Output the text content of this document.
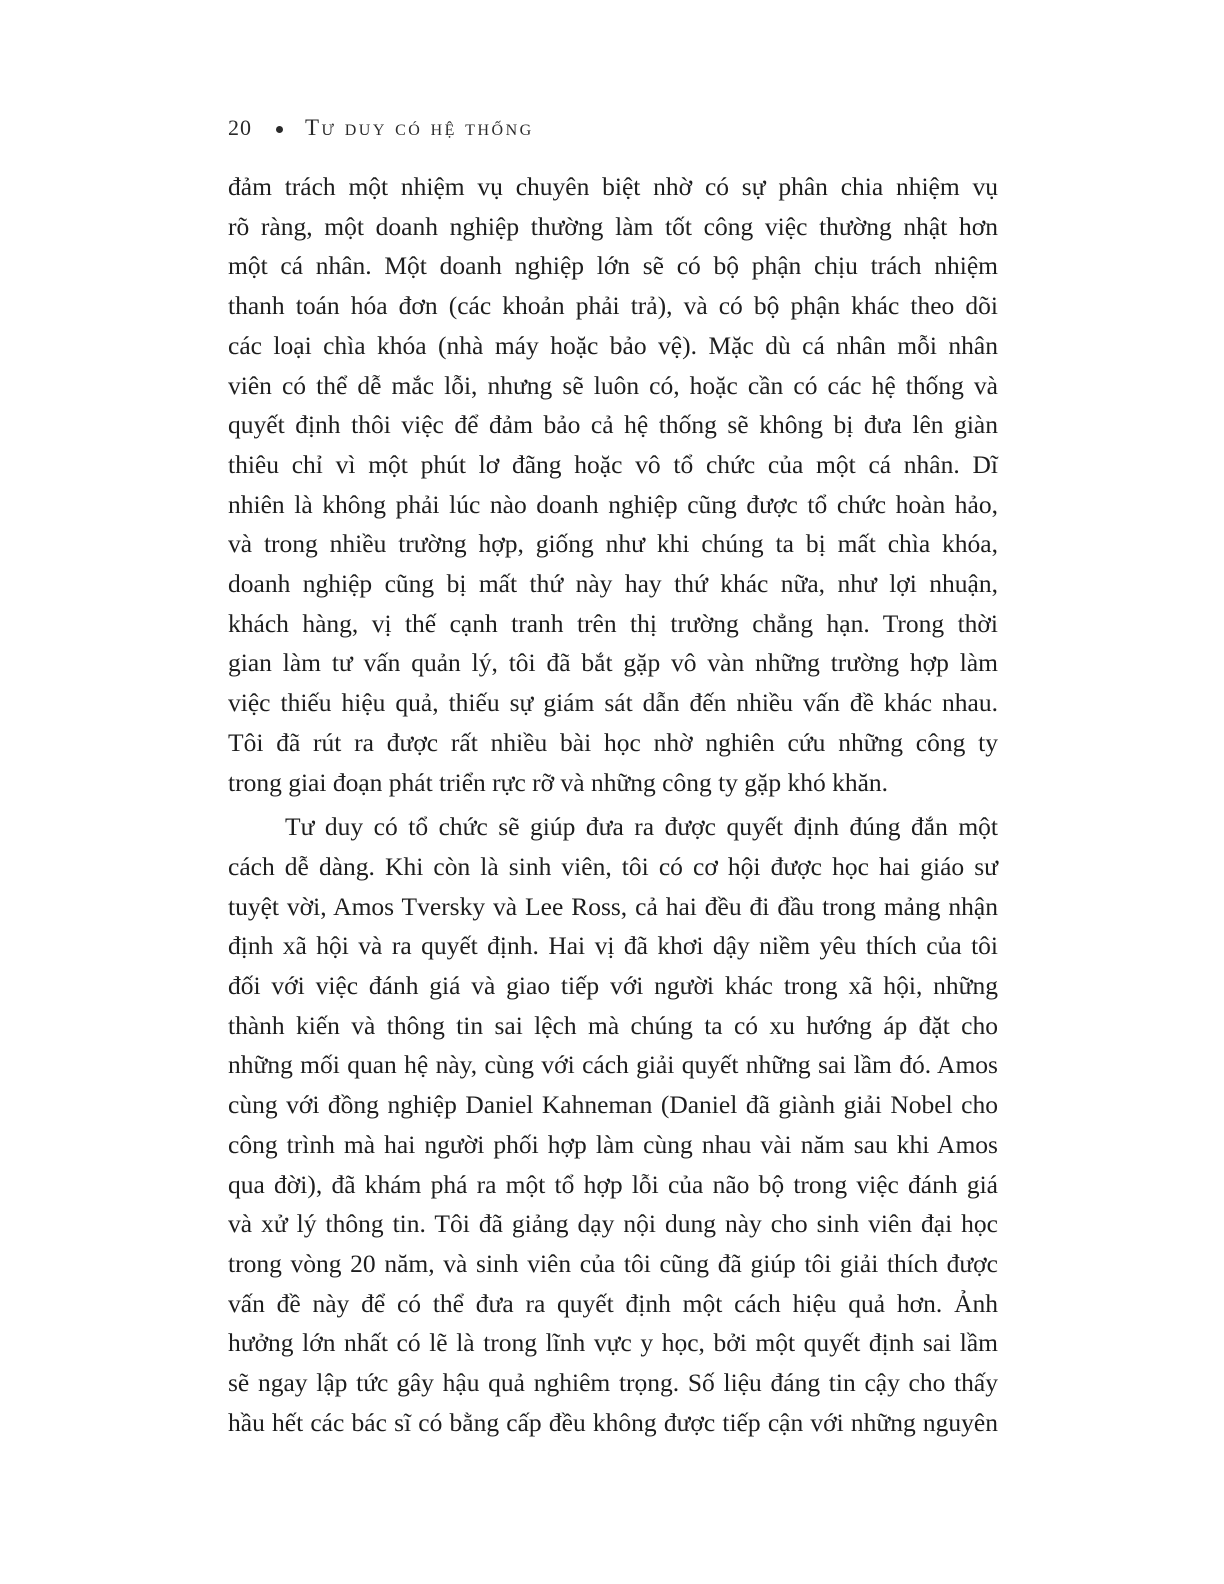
20 Tư duy có hệ thống

đảm trách một nhiệm vụ chuyên biệt nhờ có sự phân chia nhiệm vụ
rõ ràng, một doanh nghiệp thường làm tốt công việc thường nhật hơn
một cá nhân. Một doanh nghiệp lớn sẽ có bộ phận chịu trách nhiệm
thanh toán hóa đơn (các khoản phải trả), và có bộ phận khác theo dõi
các loại chìa khóa (nhà máy hoặc bảo vệ). Mặc dù cá nhân mỗi nhân
viên có thể dễ mắc lỗi, nhưng sẽ luôn có, hoặc cần có các hệ thống và
quyết định thôi việc để đảm bảo cả hệ thống sẽ không bị đưa lên giàn
thiêu chỉ vì một phút lơ đãng hoặc vô tổ chức của một cá nhân. Dĩ
nhiên là không phải lúc nào doanh nghiệp cũng được tổ chức hoàn hảo,
và trong nhiều trường hợp, giống như khi chúng ta bị mất chìa khóa,
doanh nghiệp cũng bị mất thứ này hay thứ khác nữa, như lợi nhuận,
khách hàng, vị thế cạnh tranh trên thị trường chẳng hạn. Trong thời
gian làm tư vấn quản lý, tôi đã bắt gặp vô vàn những trường hợp làm
việc thiếu hiệu quả, thiếu sự giám sát dẫn đến nhiều vấn đề khác nhau.
Tôi đã rút ra được rất nhiều bài học nhờ nghiên cứu những công ty
trong giai đoạn phát triển rực rỡ và những công ty gặp khó khăn.

Tư duy có tổ chức sẽ giúp đưa ra được quyết định đúng đắn một
cách dễ dàng. Khi còn là sinh viên, tôi có cơ hội được học hai giáo sư
tuyệt vời, Amos Tversky và Lee Ross, cả hai đều đi đầu trong mảng nhận
định xã hội và ra quyết định. Hai vị đã khơi dậy niềm yêu thích của tôi
đối với việc đánh giá và giao tiếp với người khác trong xã hội, những
thành kiến và thông tin sai lệch mà chúng ta có xu hướng áp đặt cho
những mối quan hệ này, cùng với cách giải quyết những sai lầm đó. Amos
cùng với đồng nghiệp Daniel Kahneman (Daniel đã giành giải Nobel cho
công trình mà hai người phối hợp làm cùng nhau vài năm sau khi Amos
qua đời), đã khám phá ra một tổ hợp lỗi của não bộ trong việc đánh giá
và xử lý thông tin. Tôi đã giảng dạy nội dung này cho sinh viên đại học
trong vòng 20 năm, và sinh viên của tôi cũng đã giúp tôi giải thích được
vấn đề này để có thể đưa ra quyết định một cách hiệu quả hơn. Ảnh
hưởng lớn nhất có lẽ là trong lĩnh vực y học, bởi một quyết định sai lầm
sẽ ngay lập tức gây hậu quả nghiêm trọng. Số liệu đáng tin cậy cho thấy
hầu hết các bác sĩ có bằng cấp đều không được tiếp cận với những nguyên
